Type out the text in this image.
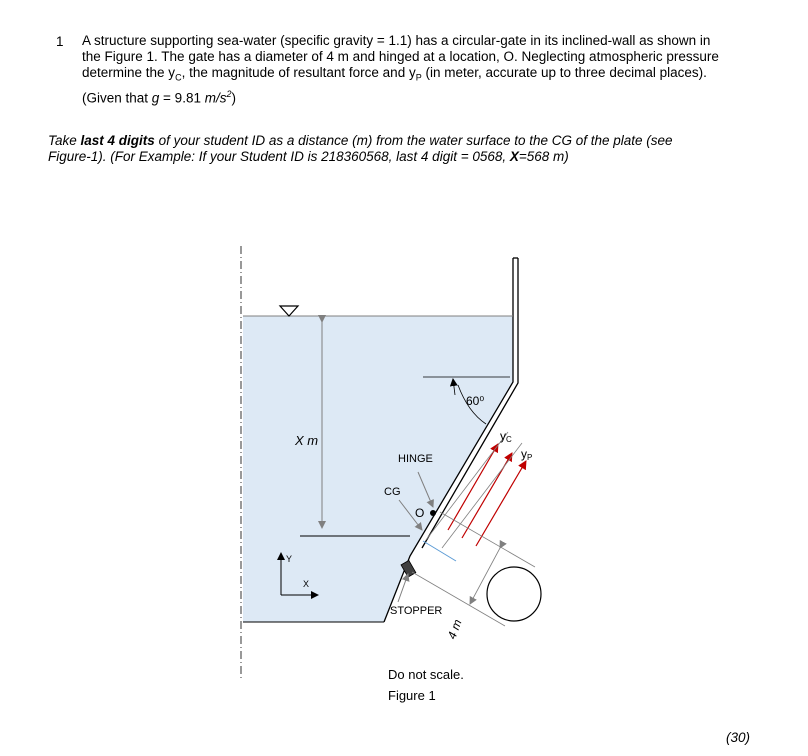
1 A structure supporting sea-water (specific gravity = 1.1) has a circular-gate in its inclined-wall as shown in
the Figure 1. The gate has a diameter of 4 m and hinged at a location, O. Neglecting atmospheric pressure
determine the $y_C$, the magnitude of resultant force and $y_P$ (in meter, accurate up to three decimal places).
(Given that g = 9.81 $m/s^2$)
Take last 4 digits of your student ID as a distance (m) from the water surface to the CG of the plate (see
Figure-1). (For Example: If your Student ID is 218360568, last 4 digit = 0568, X=568 m)
X m
60⁰
HINGE
CG
O
yC
yP
STOPPER
4 m
Y
X
Do not scale.
Figure 1
(30)
